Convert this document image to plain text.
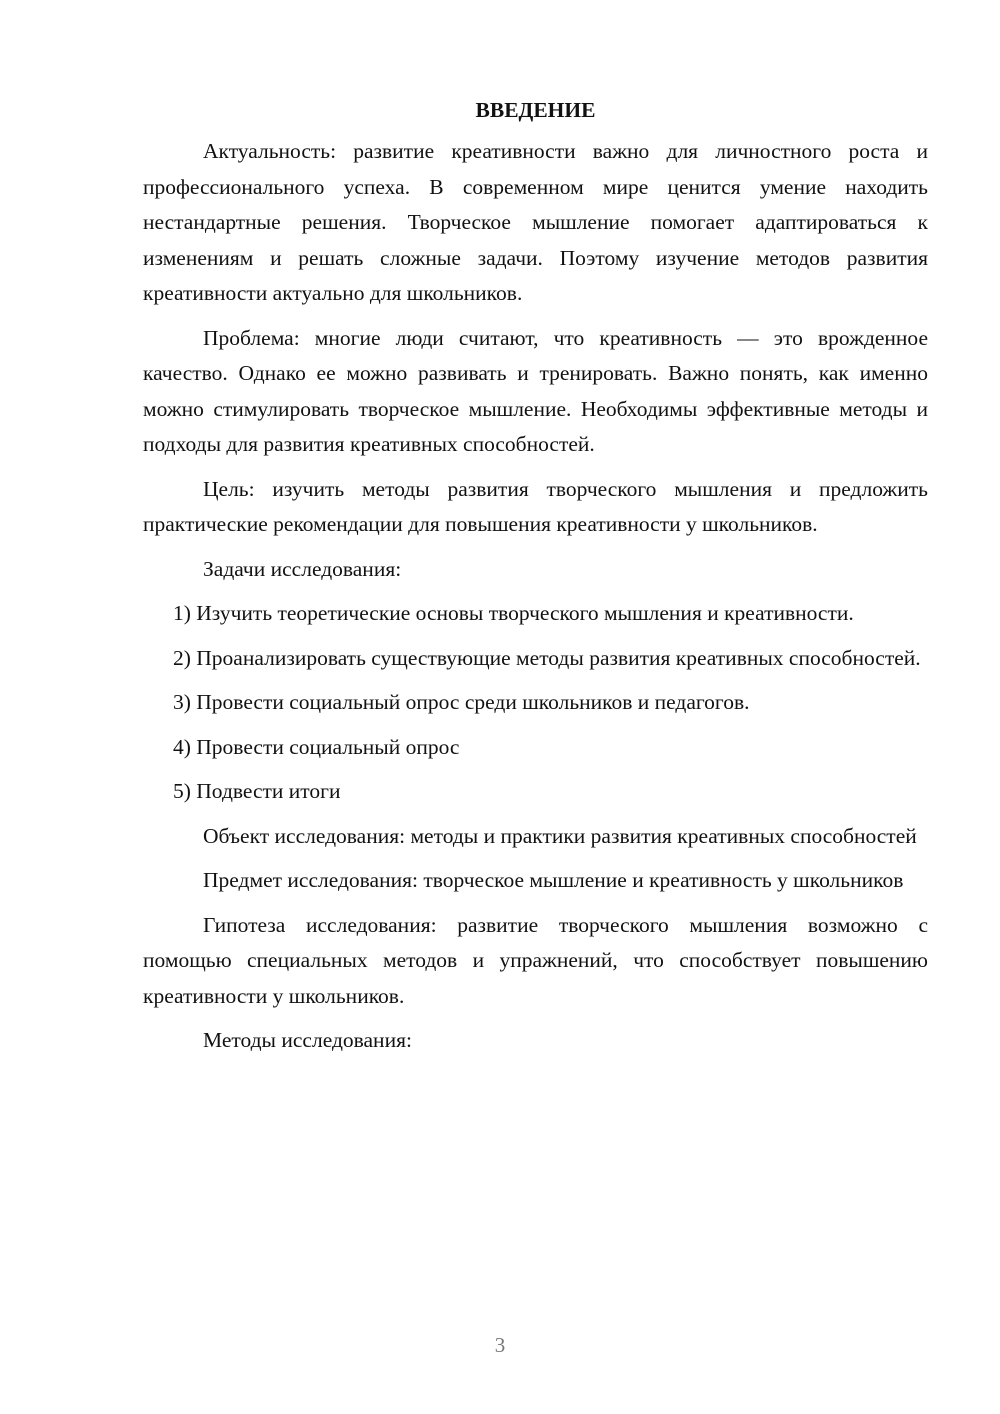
ВВЕДЕНИЕ

Актуальность: развитие креативности важно для личностного роста и профессионального успеха. В современном мире ценится умение находить нестандартные решения. Творческое мышление помогает адаптироваться к изменениям и решать сложные задачи. Поэтому изучение методов развития креативности актуально для школьников.

Проблема: многие люди считают, что креативность — это врожденное качество. Однако ее можно развивать и тренировать. Важно понять, как именно можно стимулировать творческое мышление. Необходимы эффективные методы и подходы для развития креативных способностей.

Цель: изучить методы развития творческого мышления и предложить практические рекомендации для повышения креативности у школьников.

Задачи исследования:

1) Изучить теоретические основы творческого мышления и креативности.

2) Проанализировать существующие методы развития креативных способностей.

3) Провести социальный опрос среди школьников и педагогов.

4) Провести социальный опрос

5) Подвести итоги

Объект исследования: методы и практики развития креативных способностей

Предмет исследования: творческое мышление и креативность у школьников

Гипотеза исследования: развитие творческого мышления возможно с помощью специальных методов и упражнений, что способствует повышению креативности у школьников.

Методы исследования:

3
